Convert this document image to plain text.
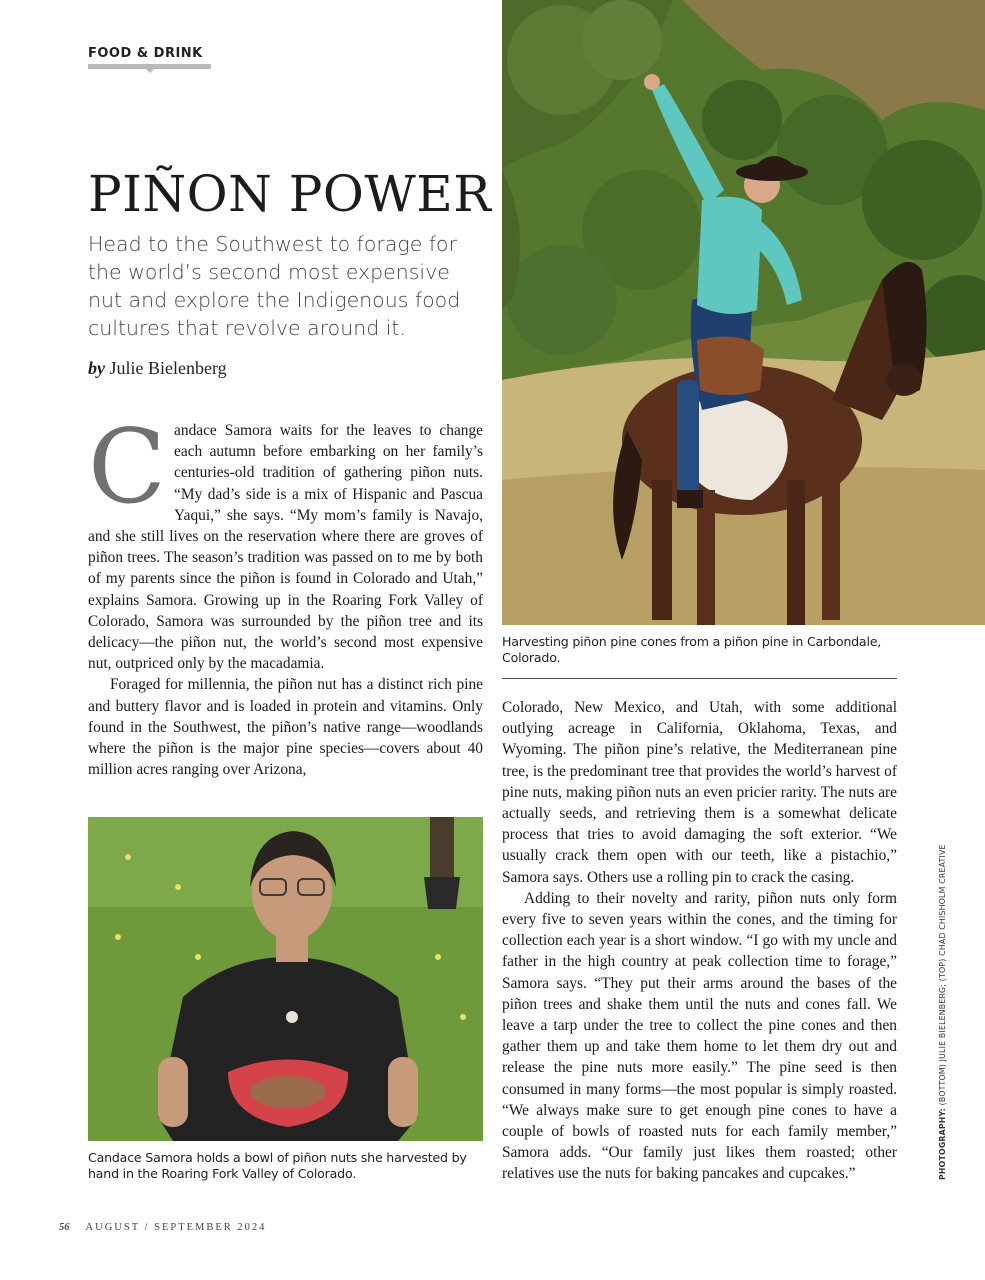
FOOD & DRINK
PIÑON POWER
Head to the Southwest to forage for the world’s second most expensive nut and explore the Indigenous food cultures that revolve around it.
by Julie Bielenberg

Candace Samora waits for the leaves to change each autumn before embarking on her family’s centuries-old tradition of gathering piñon nuts. “My dad’s side is a mix of Hispanic and Pascua Yaqui,” she says. “My mom’s family is Navajo, and she still lives on the reservation where there are groves of piñon trees. The season’s tradition was passed on to me by both of my parents since the piñon is found in Colorado and Utah,” explains Samora. Growing up in the Roaring Fork Valley of Colorado, Samora was surrounded by the piñon tree and its delicacy—the piñon nut, the world’s second most expensive nut, outpriced only by the macadamia.

Foraged for millennia, the piñon nut has a distinct rich pine and buttery flavor and is loaded in protein and vitamins. Only found in the Southwest, the piñon’s native range—woodlands where the piñon is the major pine species—covers about 40 million acres ranging over Arizona,

Harvesting piñon pine cones from a piñon pine in Carbondale, Colorado.

Colorado, New Mexico, and Utah, with some additional outlying acreage in California, Oklahoma, Texas, and Wyoming. The piñon pine’s relative, the Mediterranean pine tree, is the predominant tree that provides the world’s harvest of pine nuts, making piñon nuts an even pricier rarity. The nuts are actually seeds, and retrieving them is a somewhat delicate process that tries to avoid damaging the soft exterior. “We usually crack them open with our teeth, like a pistachio,” Samora says. Others use a rolling pin to crack the casing.

Adding to their novelty and rarity, piñon nuts only form every five to seven years within the cones, and the timing for collection each year is a short window. “I go with my uncle and father in the high country at peak collection time to forage,” Samora says. “They put their arms around the bases of the piñon trees and shake them until the nuts and cones fall. We leave a tarp under the tree to collect the pine cones and then gather them up and take them home to let them dry out and release the pine nuts more easily.” The pine seed is then consumed in many forms—the most popular is simply roasted. “We always make sure to get enough pine cones to have a couple of bowls of roasted nuts for each family member,” Samora adds. “Our family just likes them roasted; other relatives use the nuts for baking pancakes and cupcakes.”

Candace Samora holds a bowl of piñon nuts she harvested by hand in the Roaring Fork Valley of Colorado.	PHOTOGRAPHY: (BOTTOM) JULIE BIELENBERG; (TOP) CHAD CHISHOLM CREATIVE
56 AUGUST / SEPTEMBER 2024
